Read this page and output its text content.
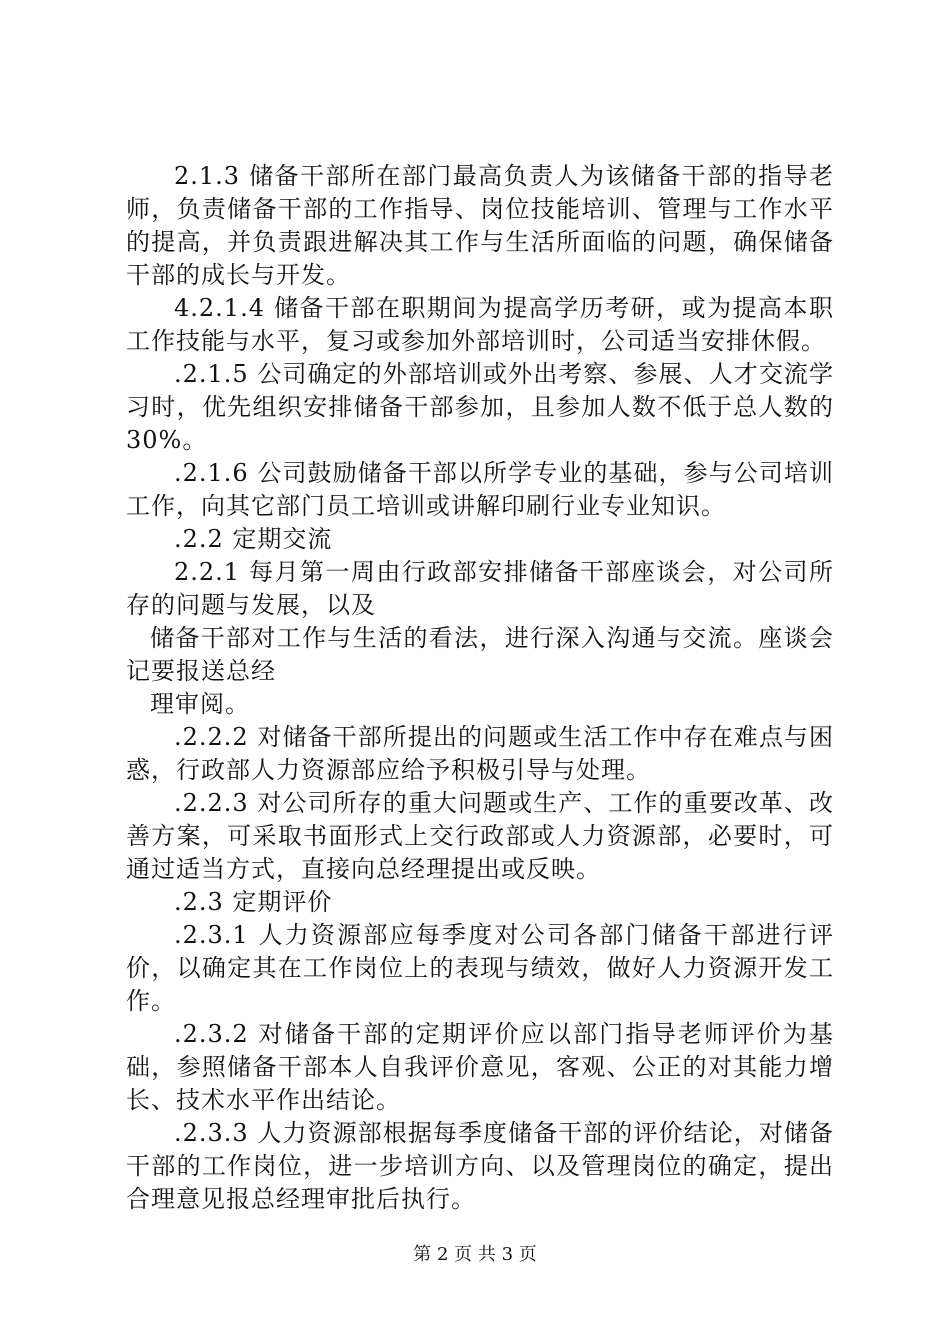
2.1.3 储备干部所在部门最高负责人为该储备干部的指导老师，负责储备干部的工作指导、岗位技能培训、管理与工作水平的提高，并负责跟进解决其工作与生活所面临的问题，确保储备干部的成长与开发。

4.2.1.4 储备干部在职期间为提高学历考研，或为提高本职工作技能与水平，复习或参加外部培训时，公司适当安排休假。

.2.1.5 公司确定的外部培训或外出考察、参展、人才交流学习时，优先组织安排储备干部参加，且参加人数不低于总人数的 30%。

.2.1.6 公司鼓励储备干部以所学专业的基础，参与公司培训工作，向其它部门员工培训或讲解印刷行业专业知识。

.2.2 定期交流

2.2.1 每月第一周由行政部安排储备干部座谈会，对公司所存的问题与发展，以及

储备干部对工作与生活的看法，进行深入沟通与交流。座谈会记要报送总经

理审阅。

.2.2.2 对储备干部所提出的问题或生活工作中存在难点与困惑，行政部人力资源部应给予积极引导与处理。

.2.2.3 对公司所存的重大问题或生产、工作的重要改革、改善方案，可采取书面形式上交行政部或人力资源部，必要时，可通过适当方式，直接向总经理提出或反映。

.2.3 定期评价

.2.3.1 人力资源部应每季度对公司各部门储备干部进行评价，以确定其在工作岗位上的表现与绩效，做好人力资源开发工作。

.2.3.2 对储备干部的定期评价应以部门指导老师评价为基础，参照储备干部本人自我评价意见，客观、公正的对其能力增长、技术水平作出结论。

.2.3.3 人力资源部根据每季度储备干部的评价结论，对储备干部的工作岗位，进一步培训方向、以及管理岗位的确定，提出合理意见报总经理审批后执行。

第 2 页 共 3 页
